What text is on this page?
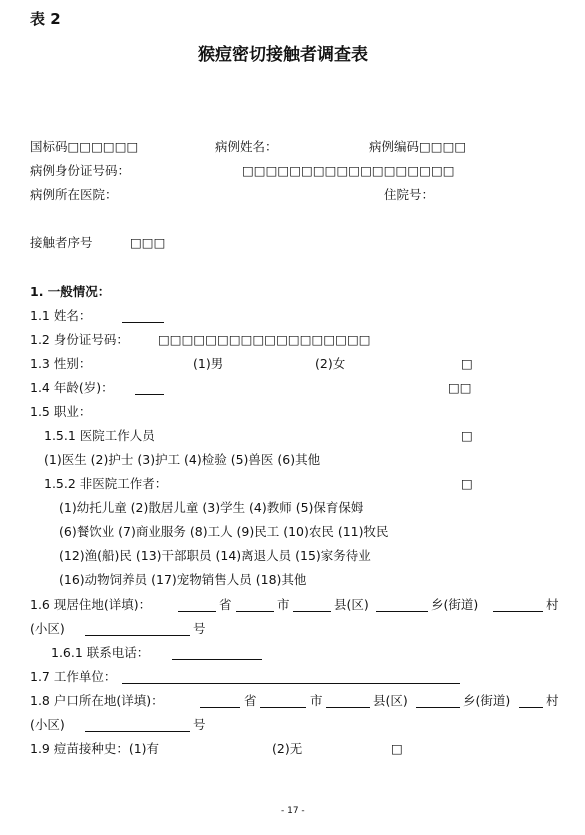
表 2
猴痘密切接触者调查表
国标码□□□□□□	病例姓名：	病例编码□□□□
病例身份证号码：	□□□□□□□□□□□□□□□□□□
病例所在医院：	住院号：
接触者序号	□□□
1. 一般情况：
1.1 姓名：
1.2 身份证号码： □□□□□□□□□□□□□□□□□□
1.3 性别：	(1)男	(2)女	□
1.4 年龄(岁)：	□□
1.5 职业：
1.5.1 医院工作人员	□
(1)医生 (2)护士 (3)护工 (4)检验 (5)兽医 (6)其他
1.5.2 非医院工作者：	□
(1)幼托儿童 (2)散居儿童 (3)学生 (4)教师 (5)保育保姆
(6)餐饮业 (7)商业服务 (8)工人 (9)民工 (10)农民 (11)牧民
(12)渔(船)民 (13)干部职员 (14)离退人员 (15)家务待业
(16)动物饲养员 (17)宠物销售人员 (18)其他
1.6 现居住地(详填)：	省	市	县(区)	乡(街道)	村
(小区)	号
1.6.1 联系电话：
1.7 工作单位：
1.8 户口所在地(详填)：	省	市	县(区)	乡(街道)	村
(小区)	号
1.9 痘苗接种史：(1)有	(2)无	□
- 17 -
